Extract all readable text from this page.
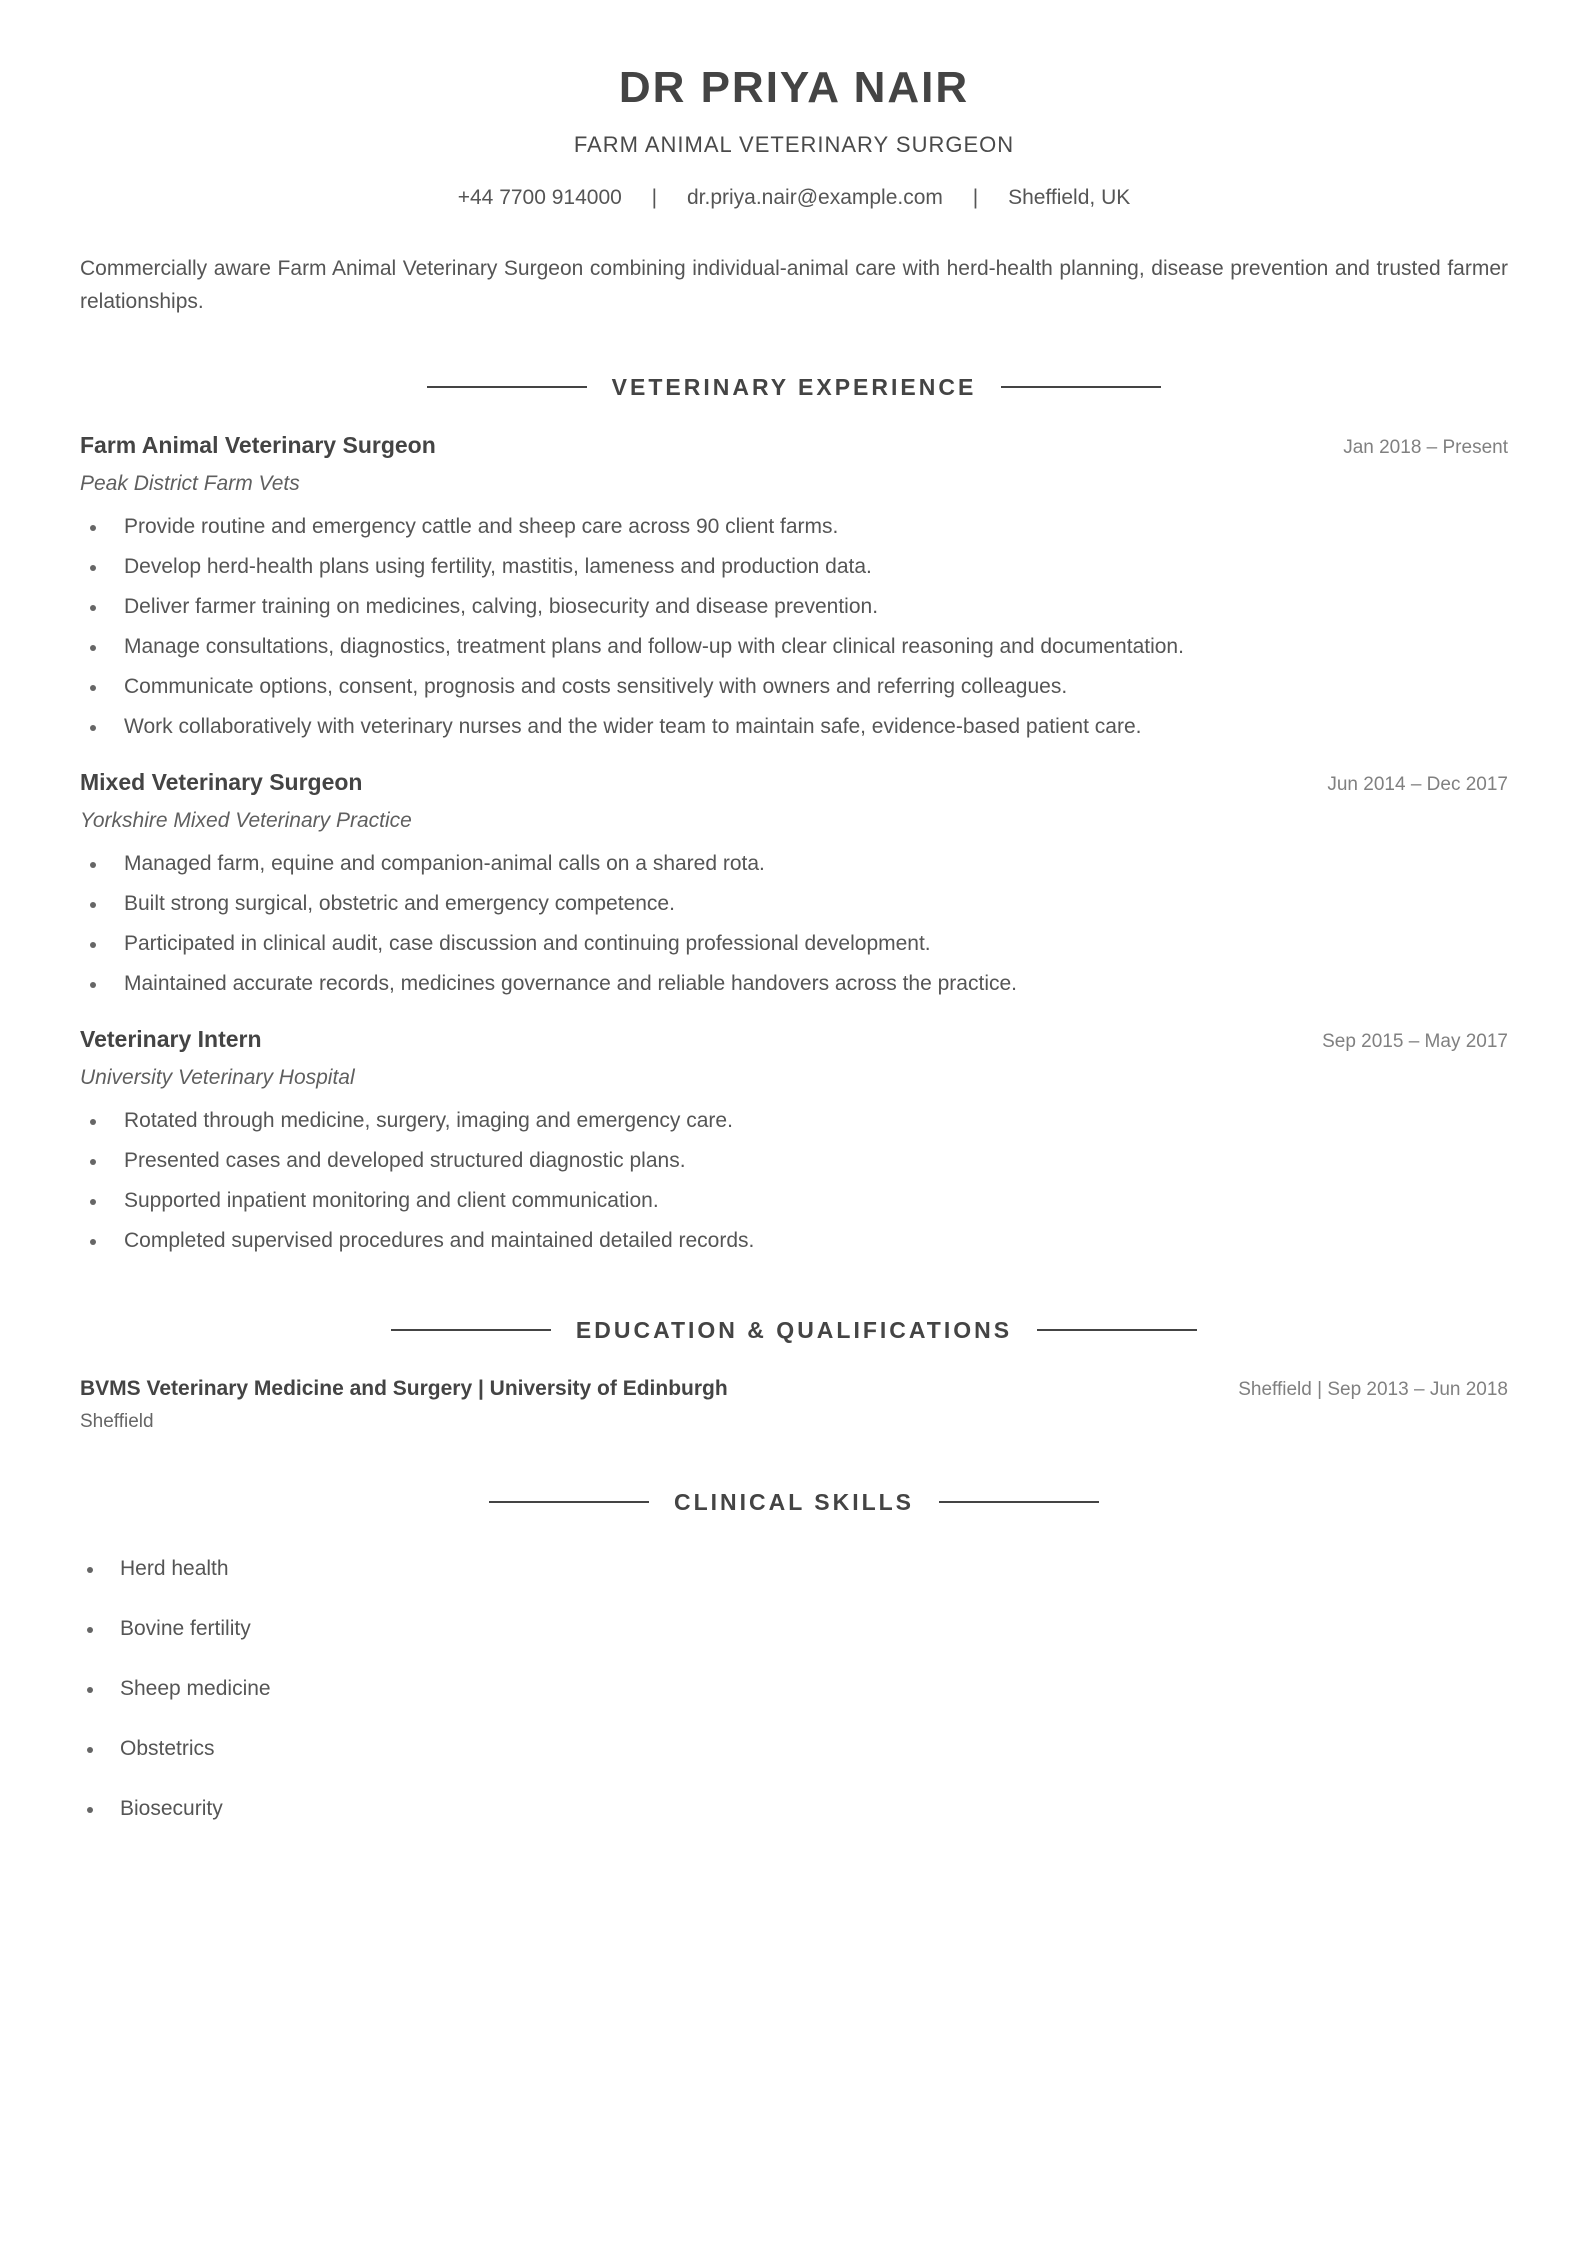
DR PRIYA NAIR
FARM ANIMAL VETERINARY SURGEON
+44 7700 914000 | dr.priya.nair@example.com | Sheffield, UK

Commercially aware Farm Animal Veterinary Surgeon combining individual-animal care with herd-health planning, disease prevention and trusted farmer relationships.

VETERINARY EXPERIENCE
Farm Animal Veterinary Surgeon	Jan 2018 – Present
Peak District Farm Vets
Provide routine and emergency cattle and sheep care across 90 client farms.
Develop herd-health plans using fertility, mastitis, lameness and production data.
Deliver farmer training on medicines, calving, biosecurity and disease prevention.
Manage consultations, diagnostics, treatment plans and follow-up with clear clinical reasoning and documentation.
Communicate options, consent, prognosis and costs sensitively with owners and referring colleagues.
Work collaboratively with veterinary nurses and the wider team to maintain safe, evidence-based patient care.
Mixed Veterinary Surgeon	Jun 2014 – Dec 2017
Yorkshire Mixed Veterinary Practice
Managed farm, equine and companion-animal calls on a shared rota.
Built strong surgical, obstetric and emergency competence.
Participated in clinical audit, case discussion and continuing professional development.
Maintained accurate records, medicines governance and reliable handovers across the practice.
Veterinary Intern	Sep 2015 – May 2017
University Veterinary Hospital
Rotated through medicine, surgery, imaging and emergency care.
Presented cases and developed structured diagnostic plans.
Supported inpatient monitoring and client communication.
Completed supervised procedures and maintained detailed records.
EDUCATION & QUALIFICATIONS
BVMS Veterinary Medicine and Surgery | University of Edinburgh	Sheffield | Sep 2013 – Jun 2018
Sheffield
CLINICAL SKILLS
Herd health
Bovine fertility
Sheep medicine
Obstetrics
Biosecurity
